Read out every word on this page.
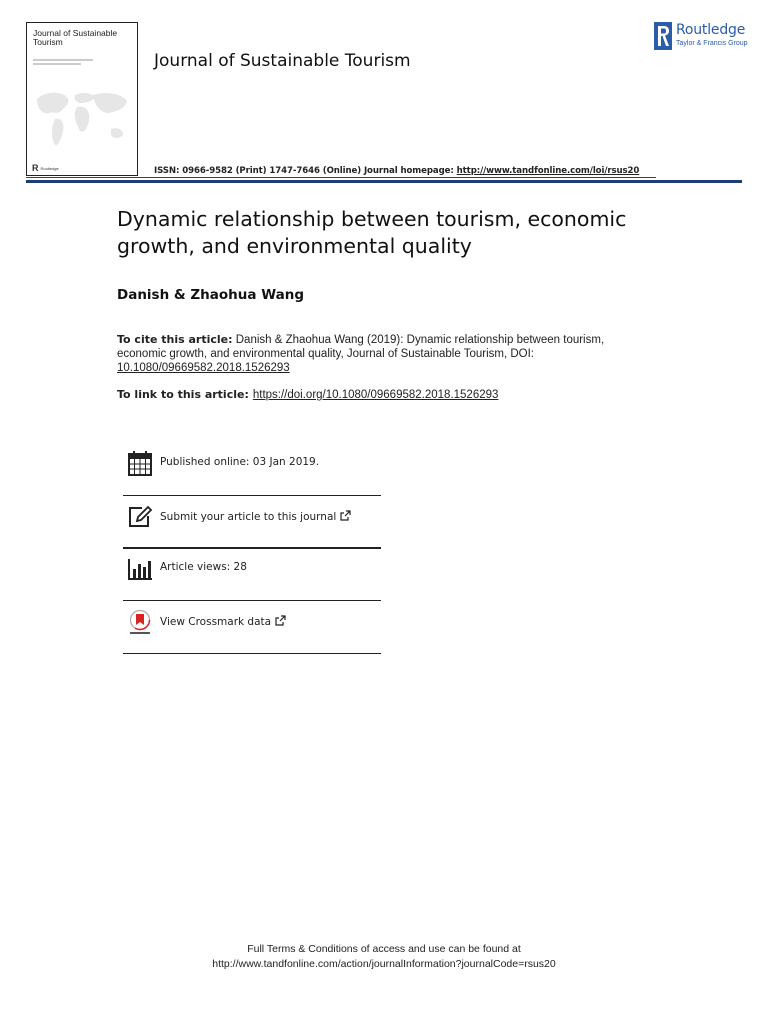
Journal of Sustainable Tourism
R Routledge
Journal of Sustainable Tourism
Routledge
Taylor & Francis Group
ISSN: 0966-9582 (Print) 1747-7646 (Online) Journal homepage: http://www.tandfonline.com/loi/rsus20
Dynamic relationship between tourism, economic growth, and environmental quality
Danish & Zhaohua Wang
To cite this article: Danish & Zhaohua Wang (2019): Dynamic relationship between tourism, economic growth, and environmental quality, Journal of Sustainable Tourism, DOI: 10.1080/09669582.2018.1526293
To link to this article: https://doi.org/10.1080/09669582.2018.1526293
Published online: 03 Jan 2019.
Submit your article to this journal
Article views: 28
View Crossmark data
Full Terms & Conditions of access and use can be found at
http://www.tandfonline.com/action/journalInformation?journalCode=rsus20
